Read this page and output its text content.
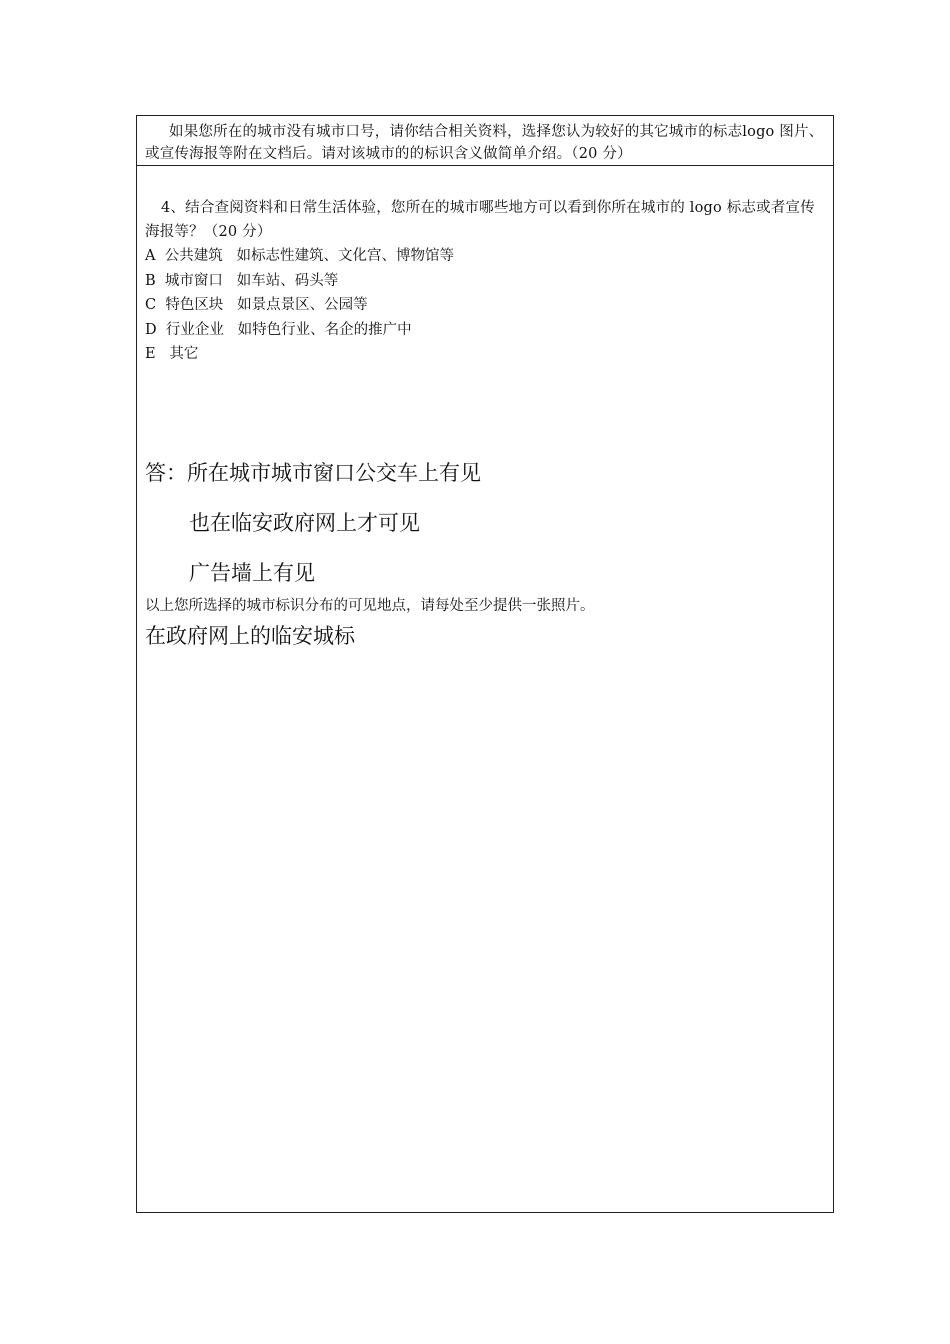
如果您所在的城市没有城市口号，请你结合相关资料，选择您认为较好的其它城市的标志logo 图片、或宣传海报等附在文档后。请对该城市的的标识含义做简单介绍。（20 分）
4、结合查阅资料和日常生活体验，您所在的城市哪些地方可以看到你所在城市的 logo 标志或者宣传海报等？（20 分）
A  公共建筑   如标志性建筑、文化宫、博物馆等
B  城市窗口   如车站、码头等
C  特色区块   如景点景区、公园等
D  行业企业   如特色行业、名企的推广中
E   其它
答：所在城市城市窗口公交车上有见
也在临安政府网上才可见
广告墙上有见
以上您所选择的城市标识分布的可见地点，请每处至少提供一张照片。
在政府网上的临安城标
